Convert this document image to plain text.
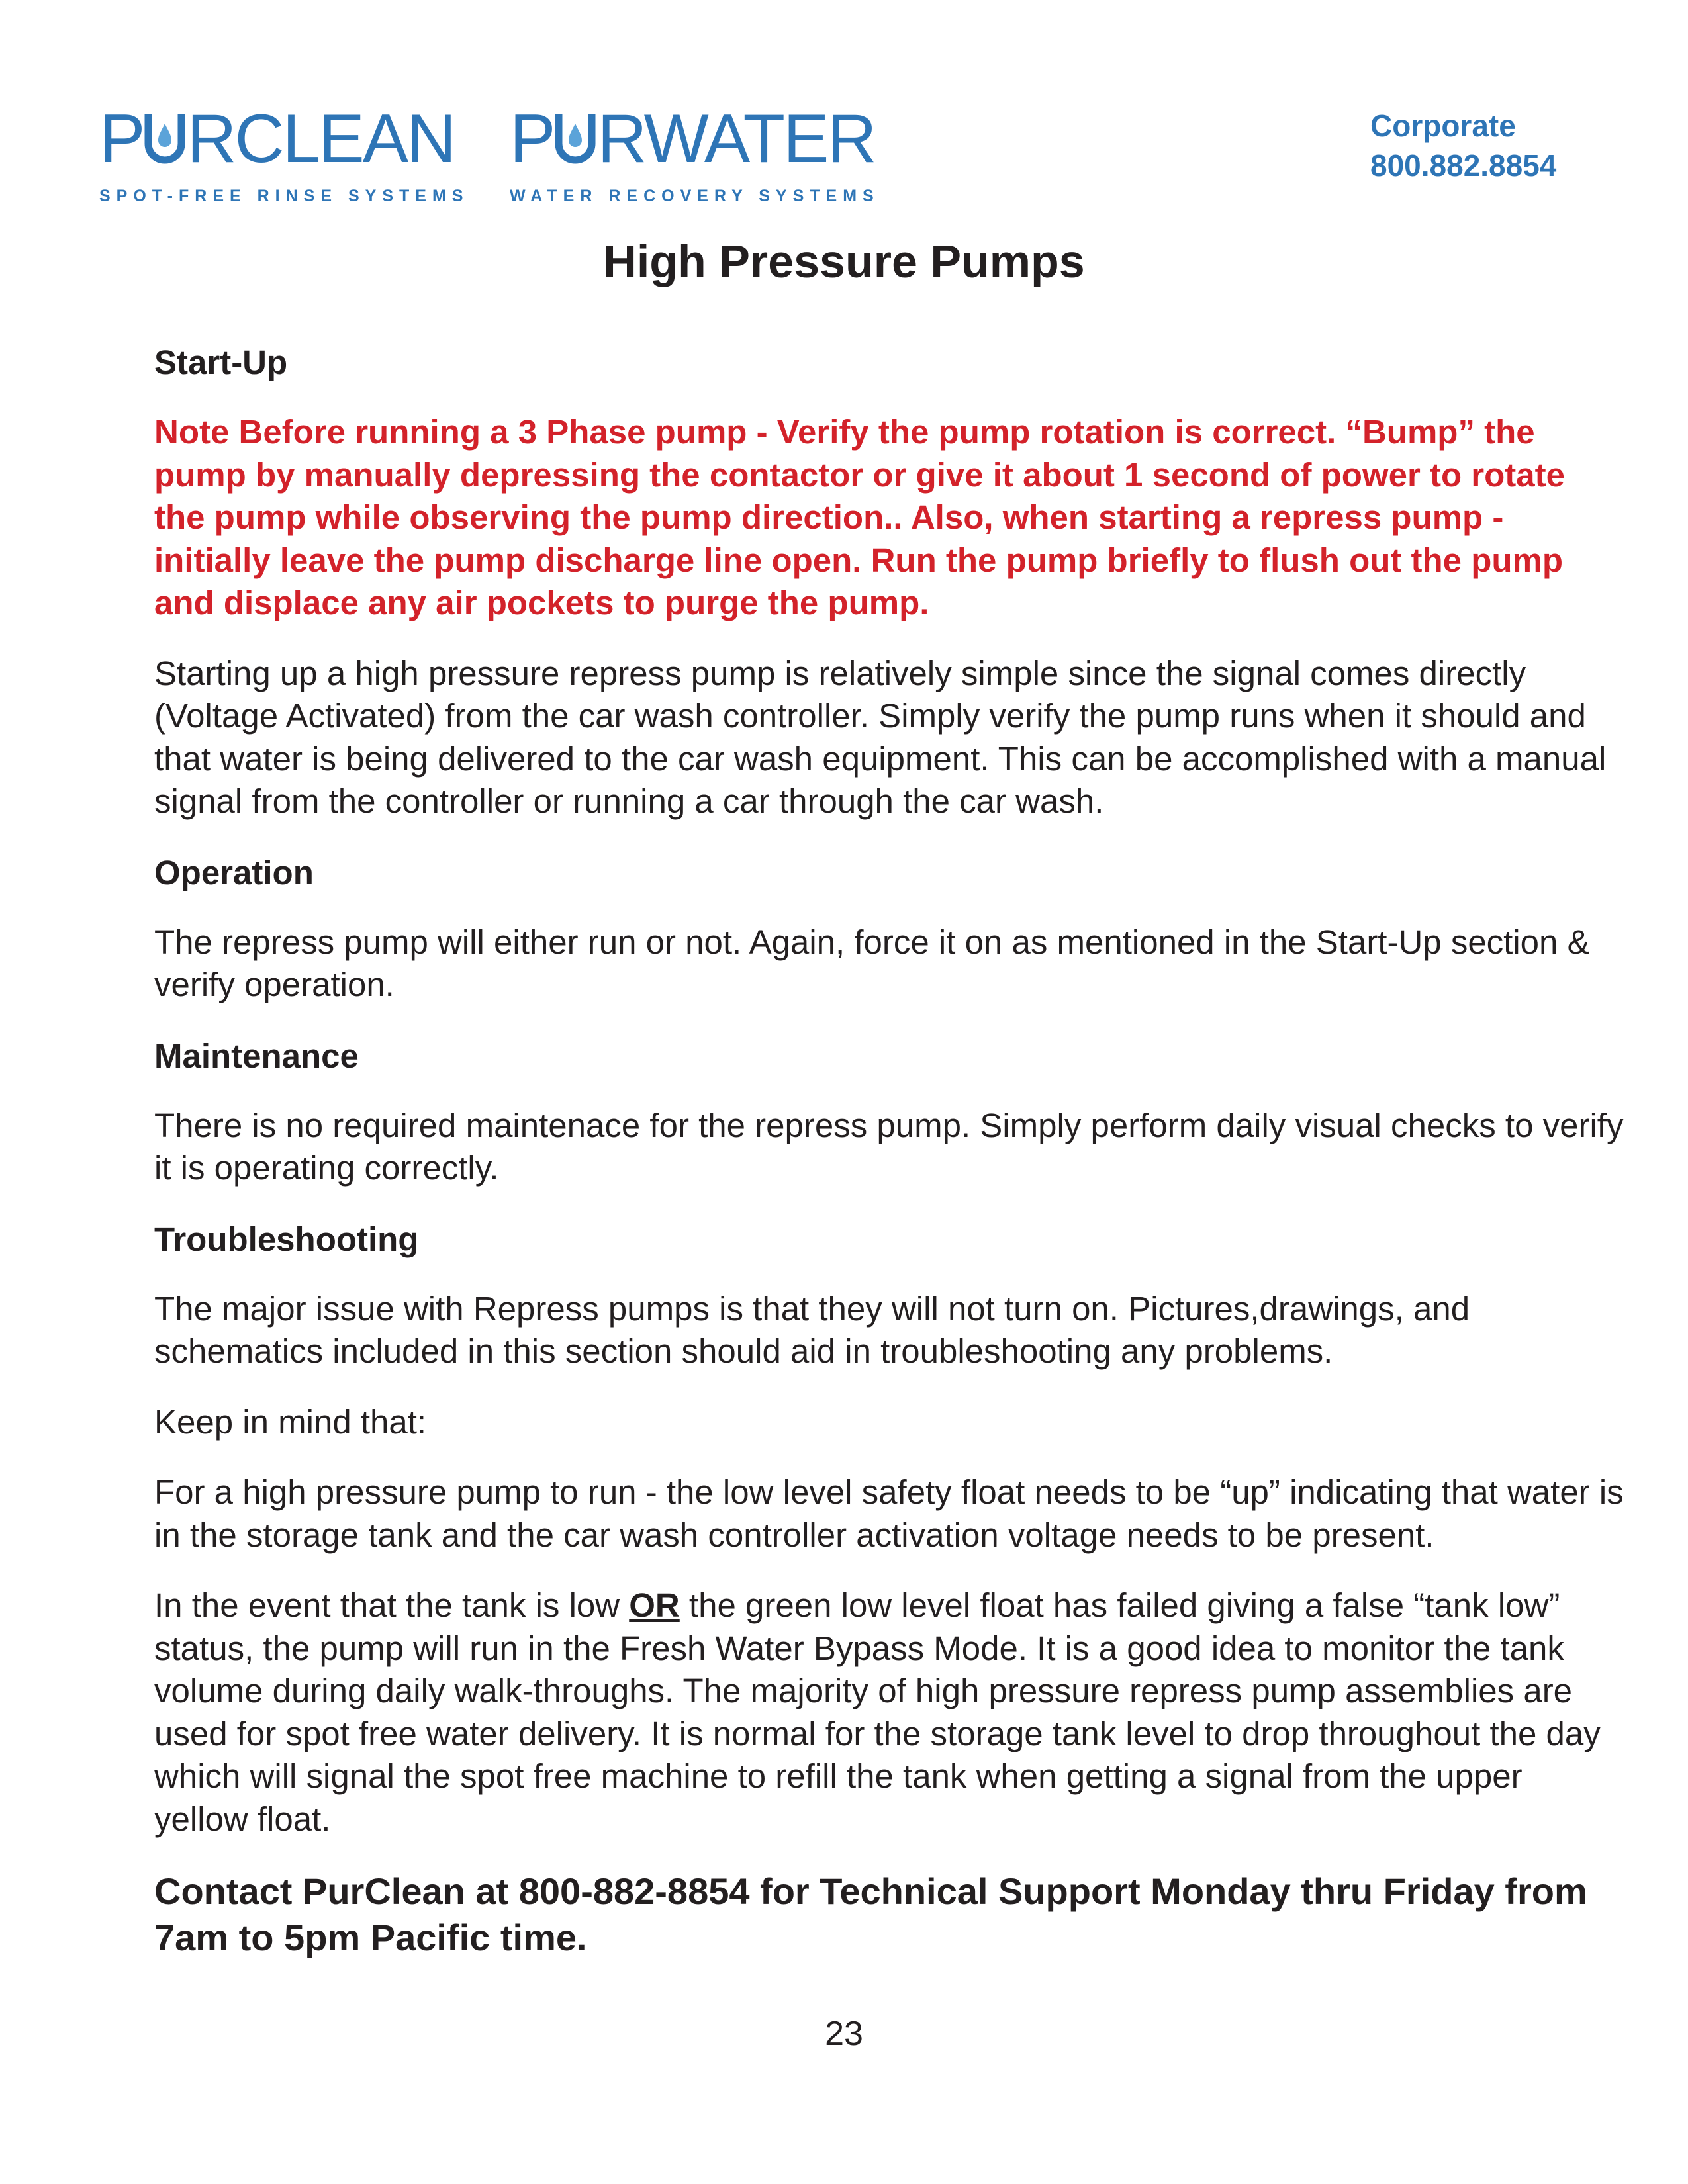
P RCLEAN
SPOT-FREE RINSE SYSTEMS
P RWATER
WATER RECOVERY SYSTEMS
Corporate
800.882.8854
High Pressure Pumps

Start-Up

Note Before running a 3 Phase pump - Verify the pump rotation is correct. “Bump” the pump by manually depressing the contactor or give it about 1 second of power to rotate the pump while observing the pump direction.. Also, when starting a repress pump - initially leave the pump discharge line open. Run the pump briefly to flush out the pump and displace any air pockets to purge the pump.

Starting up a high pressure repress pump is relatively simple since the signal comes directly (Voltage Activated) from the car wash controller. Simply verify the pump runs when it should and that water is being delivered to the car wash equipment. This can be accomplished with a manual signal from the controller or running a car through the car wash.

Operation

The repress pump will either run or not. Again, force it on as mentioned in the Start-Up section & verify operation.

Maintenance

There is no required maintenace for the repress pump. Simply perform daily visual checks to verify it is operating correctly.

Troubleshooting

The major issue with Repress pumps is that they will not turn on. Pictures,drawings, and schematics included in this section should aid in troubleshooting any problems.

Keep in mind that:

For a high pressure pump to run - the low level safety float needs to be “up” indicating that water is in the storage tank and the car wash controller activation voltage needs to be present.

In the event that the tank is low OR the green low level float has failed giving a false “tank low” status, the pump will run in the Fresh Water Bypass Mode. It is a good idea to monitor the tank volume during daily walk-throughs. The majority of high pressure repress pump assemblies are used for spot free water delivery. It is normal for the storage tank level to drop throughout the day which will signal the spot free machine to refill the tank when getting a signal from the upper yellow float.

Contact PurClean at 800-882-8854 for Technical Support Monday thru Friday from 7am to 5pm Pacific time.

23
